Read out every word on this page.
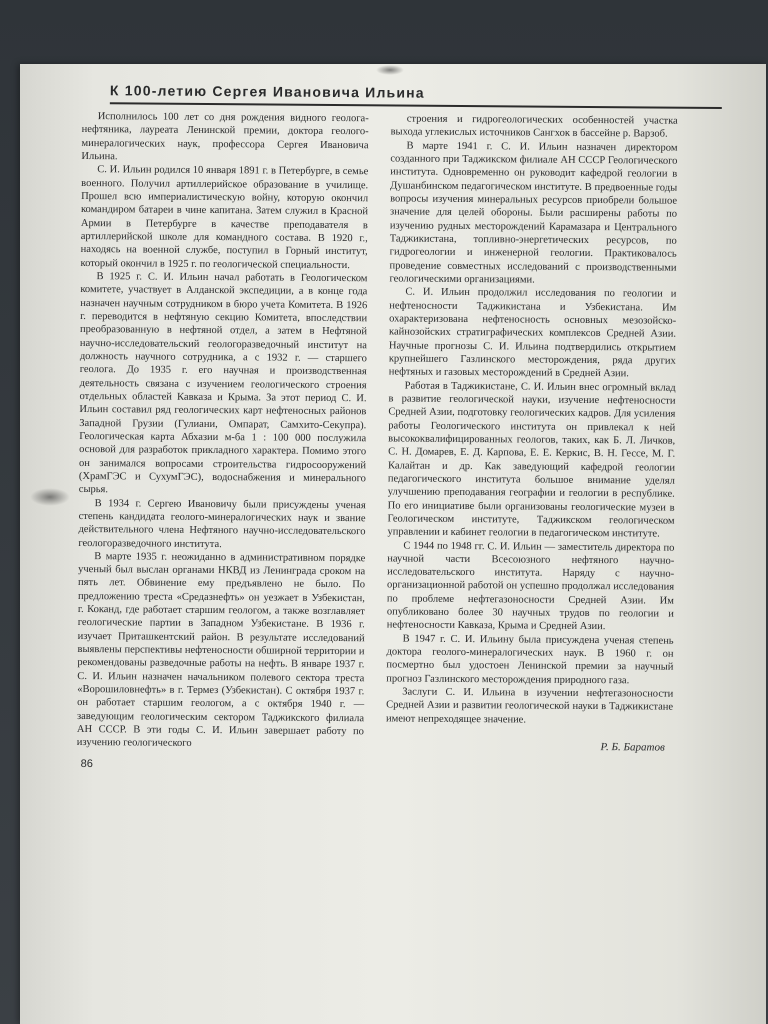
К 100-летию Сергея Ивановича Ильина

Исполнилось 100 лет со дня рождения видного геолога-нефтяника, лауреата Ленинской премии, доктора геолого-минералогических наук, профессора Сергея Ивановича Ильина.

С. И. Ильин родился 10 января 1891 г. в Петербурге, в семье военного. Получил артиллерийское образование в училище. Прошел всю империалистическую войну, которую окончил командиром батареи в чине капитана. Затем служил в Красной Армии в Петербурге в качестве преподавателя в артиллерийской школе для командного состава. В 1920 г., находясь на военной службе, поступил в Горный институт, который окончил в 1925 г. по геологической специальности.

В 1925 г. С. И. Ильин начал работать в Геологическом комитете, участвует в Алданской экспедиции, а в конце года назначен научным сотрудником в бюро учета Комитета. В 1926 г. переводится в нефтяную секцию Комитета, впоследствии преобразованную в нефтяной отдел, а затем в Нефтяной научно-исследовательский геологоразведочный институт на должность научного сотрудника, а с 1932 г. — старшего геолога. До 1935 г. его научная и производственная деятельность связана с изучением геологического строения отдельных областей Кавказа и Крыма. За этот период С. И. Ильин составил ряд геологических карт нефтеносных районов Западной Грузии (Гулиани, Омпарат, Самхито-Секупра). Геологическая карта Абхазии м-ба 1 : 100 000 послужила основой для разработок прикладного характера. Помимо этого он занимался вопросами строительства гидросооружений (ХрамГЭС и СухумГЭС), водоснабжения и минерального сырья.

В 1934 г. Сергею Ивановичу были присуждены ученая степень кандидата геолого-минералогических наук и звание действительного члена Нефтяного научно-исследовательского геологоразведочного института.

В марте 1935 г. неожиданно в административном порядке ученый был выслан органами НКВД из Ленинграда сроком на пять лет. Обвинение ему предъявлено не было. По предложению треста «Средазнефть» он уезжает в Узбекистан, г. Коканд, где работает старшим геологом, а также возглавляет геологические партии в Западном Узбекистане. В 1936 г. изучает Приташкентский район. В результате исследований выявлены перспективы нефтеносности обширной территории и рекомендованы разведочные работы на нефть. В январе 1937 г. С. И. Ильин назначен начальником полевого сектора треста «Ворошиловнефть» в г. Термез (Узбекистан). С октября 1937 г. он работает старшим геологом, а с октября 1940 г. — заведующим геологическим сектором Таджикского филиала АН СССР. В эти годы С. И. Ильин завершает работу по изучению геологического

86

строения и гидрогеологических особенностей участка выхода углекислых источников Сангхок в бассейне р. Варзоб.

В марте 1941 г. С. И. Ильин назначен директором созданного при Таджикском филиале АН СССР Геологического института. Одновременно он руководит кафедрой геологии в Душанбинском педагогическом институте. В предвоенные годы вопросы изучения минеральных ресурсов приобрели большое значение для целей обороны. Были расширены работы по изучению рудных месторождений Карамазара и Центрального Таджикистана, топливно-энергетических ресурсов, по гидрогеологии и инженерной геологии. Практиковалось проведение совместных исследований с производственными геологическими организациями.

С. И. Ильин продолжил исследования по геологии и нефтеносности Таджикистана и Узбекистана. Им охарактеризована нефтеносность основных мезозойско-кайнозойских стратиграфических комплексов Средней Азии. Научные прогнозы С. И. Ильина подтвердились открытием крупнейшего Газлинского месторождения, ряда других нефтяных и газовых месторождений в Средней Азии.

Работая в Таджикистане, С. И. Ильин внес огромный вклад в развитие геологической науки, изучение нефтеносности Средней Азии, подготовку геологических кадров. Для усиления работы Геологического института он привлекал к ней высококвалифицированных геологов, таких, как Б. Л. Личков, С. Н. Домарев, Е. Д. Карпова, Е. Е. Керкис, В. Н. Гессе, М. Г. Калайтан и др. Как заведующий кафедрой геологии педагогического института большое внимание уделял улучшению преподавания географии и геологии в республике. По его инициативе были организованы геологические музеи в Геологическом институте, Таджикском геологическом управлении и кабинет геологии в педагогическом институте.

С 1944 по 1948 гг. С. И. Ильин — заместитель директора по научной части Всесоюзного нефтяного научно-исследовательского института. Наряду с научно-организационной работой он успешно продолжал исследования по проблеме нефтегазоносности Средней Азии. Им опубликовано более 30 научных трудов по геологии и нефтеносности Кавказа, Крыма и Средней Азии.

В 1947 г. С. И. Ильину была присуждена ученая степень доктора геолого-минералогических наук. В 1960 г. он посмертно был удостоен Ленинской премии за научный прогноз Газлинского месторождения природного газа.

Заслуги С. И. Ильина в изучении нефтегазоносности Средней Азии и развитии геологической науки в Таджикистане имеют непреходящее значение.

Р. Б. Баратов
